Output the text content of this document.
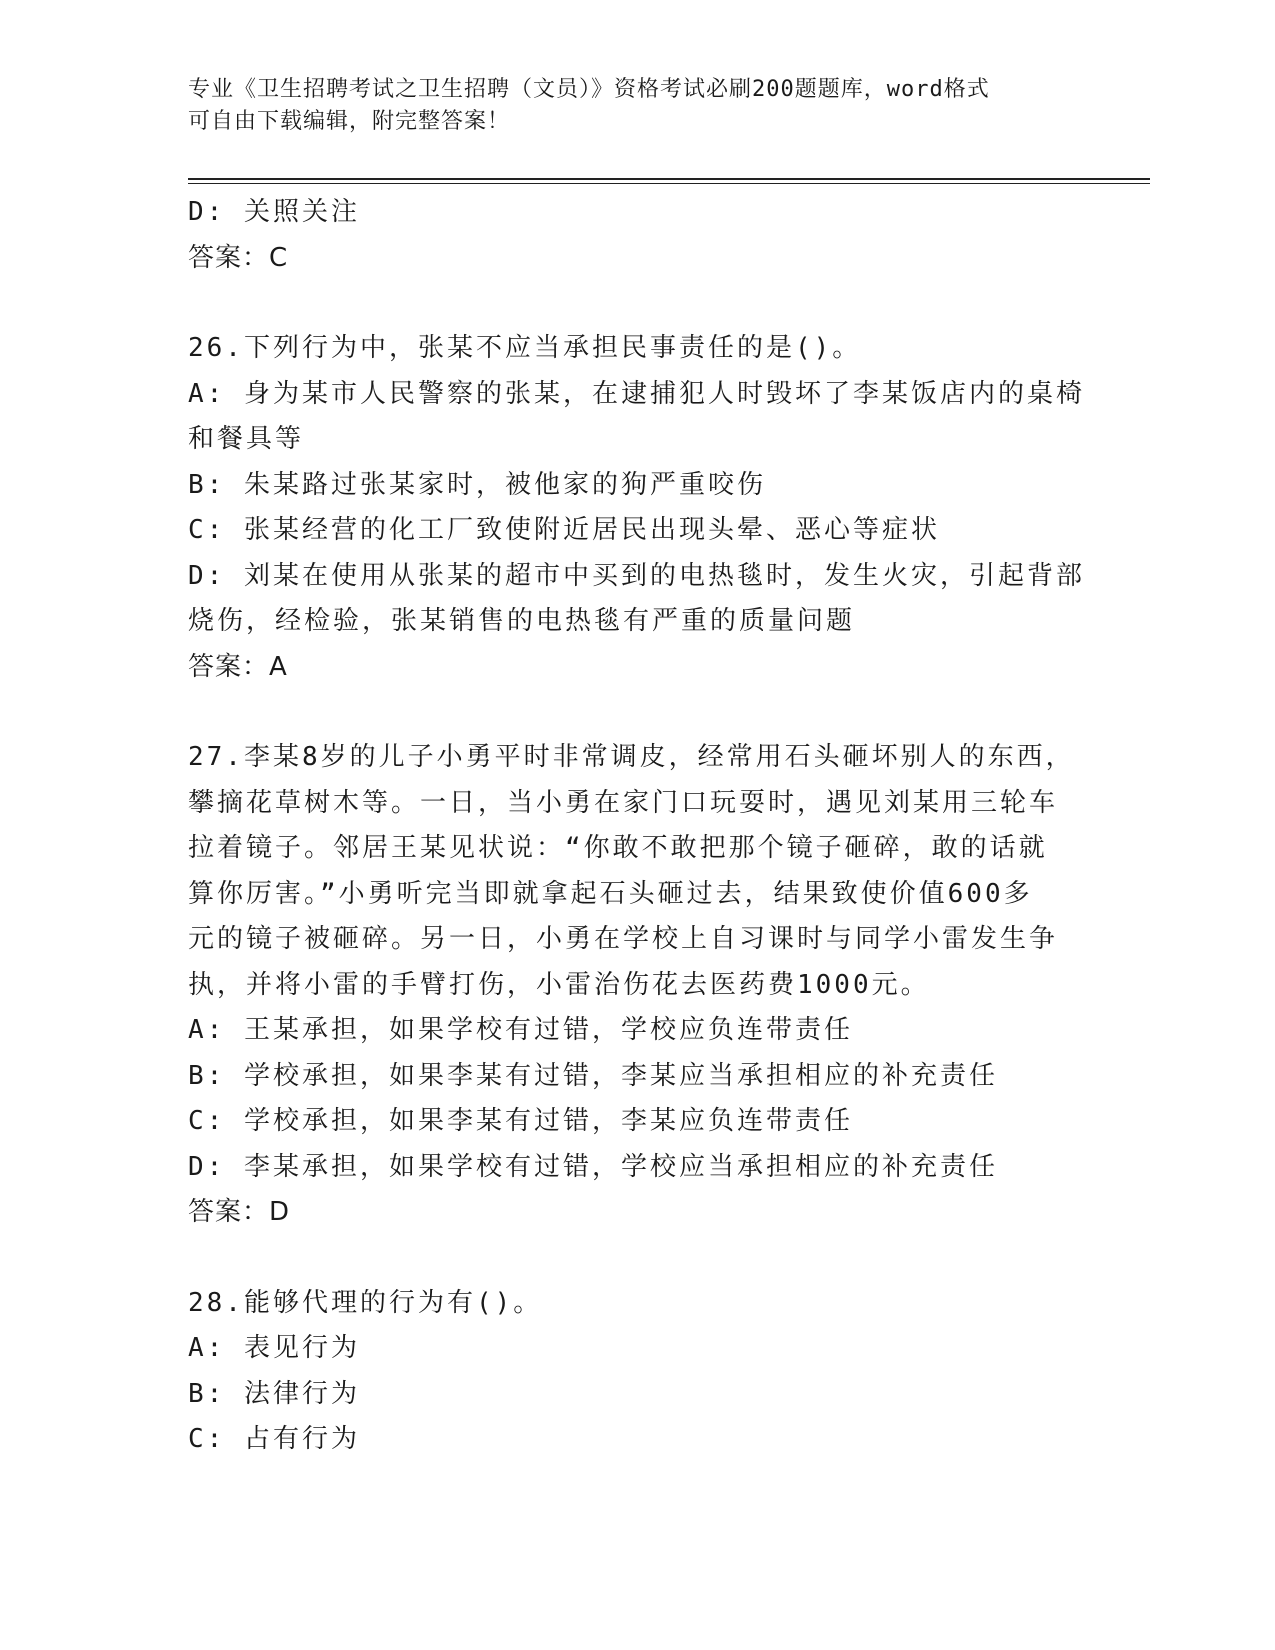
专业《卫生招聘考试之卫生招聘（文员）》资格考试必刷200题题库，word格式
可自由下载编辑，附完整答案！

D: 关照关注

答案：C

26.下列行为中，张某不应当承担民事责任的是()。

A: 身为某市人民警察的张某，在逮捕犯人时毁坏了李某饭店内的桌椅

和餐具等

B: 朱某路过张某家时，被他家的狗严重咬伤

C: 张某经营的化工厂致使附近居民出现头晕、恶心等症状

D: 刘某在使用从张某的超市中买到的电热毯时，发生火灾，引起背部

烧伤，经检验，张某销售的电热毯有严重的质量问题

答案：A

27.李某8岁的儿子小勇平时非常调皮，经常用石头砸坏别人的东西，

攀摘花草树木等。一日，当小勇在家门口玩耍时，遇见刘某用三轮车

拉着镜子。邻居王某见状说：“你敢不敢把那个镜子砸碎，敢的话就

算你厉害。”小勇听完当即就拿起石头砸过去，结果致使价值600多

元的镜子被砸碎。另一日，小勇在学校上自习课时与同学小雷发生争

执，并将小雷的手臂打伤，小雷治伤花去医药费1000元。

A: 王某承担，如果学校有过错，学校应负连带责任

B: 学校承担，如果李某有过错，李某应当承担相应的补充责任

C: 学校承担，如果李某有过错，李某应负连带责任

D: 李某承担，如果学校有过错，学校应当承担相应的补充责任

答案：D

28.能够代理的行为有()。

A: 表见行为

B: 法律行为

C: 占有行为
